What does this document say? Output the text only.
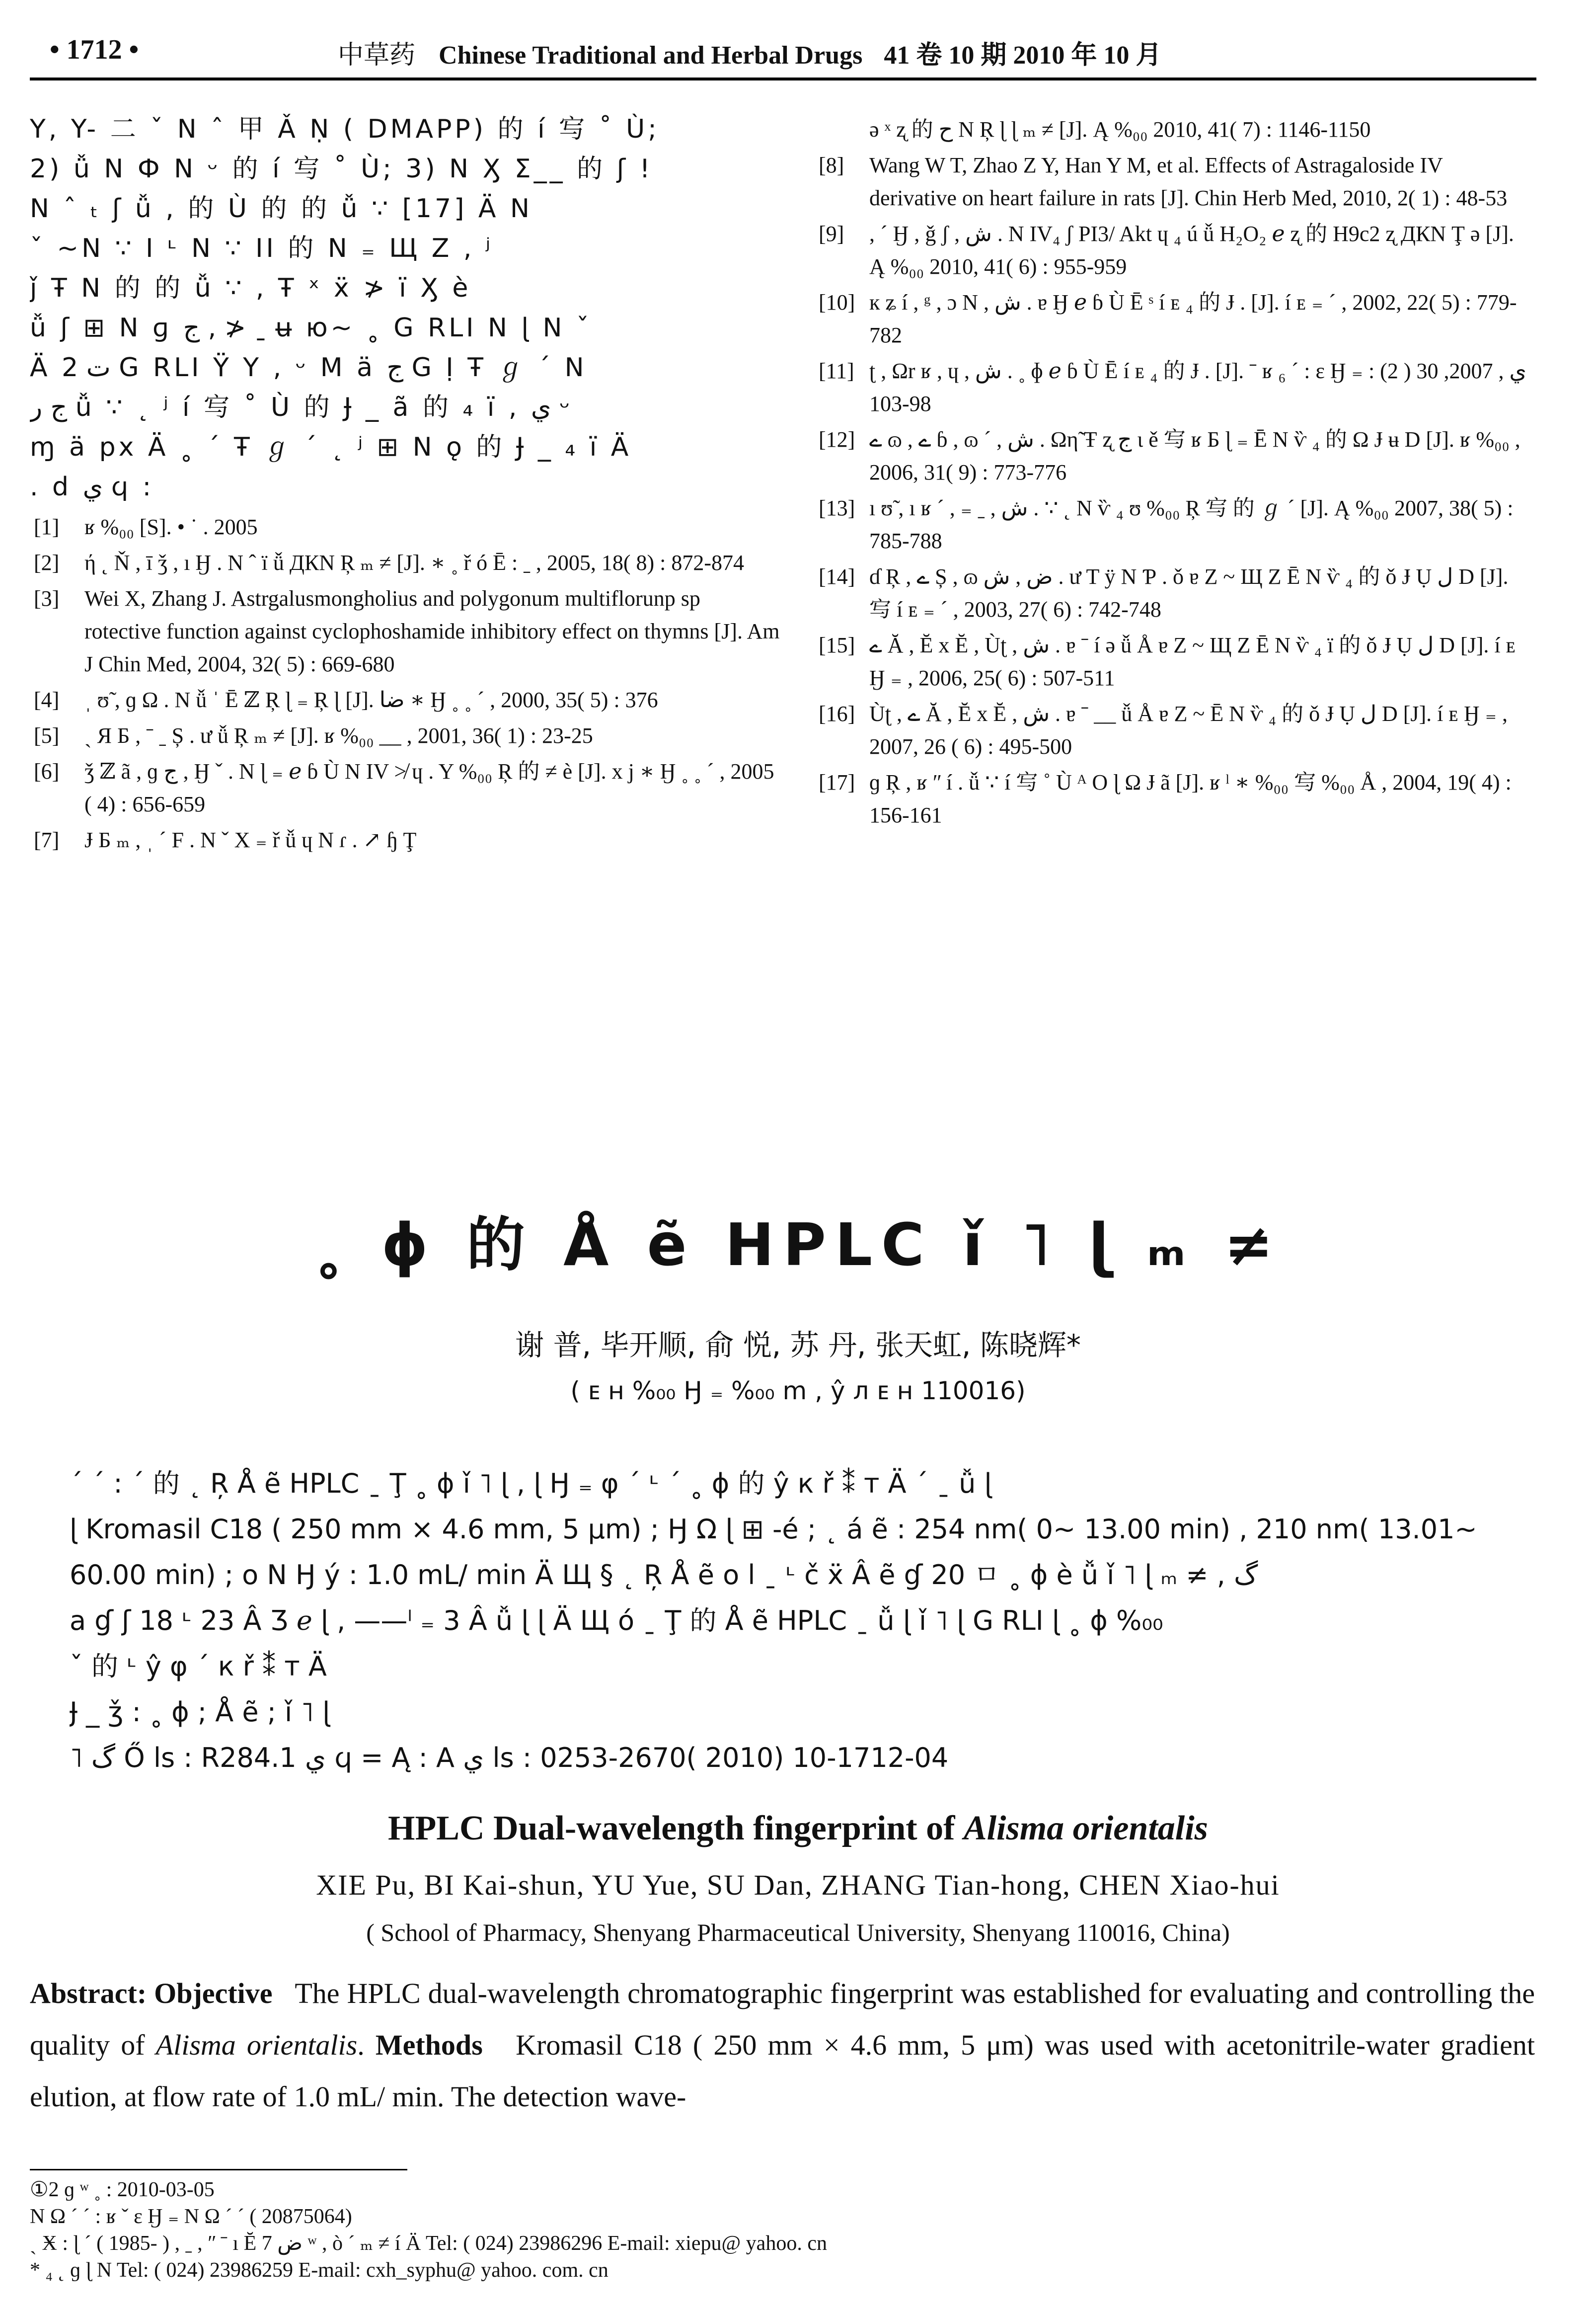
• 1712 •	中草药 Chinese Traditional and Herbal Drugs 41 卷 10 期 2010 年 10 月

Y, Y- 二 ˇ N ˆ 甲 Ǎ Ṇ ( DMAPP) 的 í 㝍 ˚ Ù;

2) ǚ N Ф N ᵕ 的 í 㝍 ˚ Ù; 3) N Ӽ Σ__ 的 ʃ !

N ˆ ₜ ʃ ǚ , 的 Ù 的 的 ǚ ∵ [17] Ä N

ˇ ~N ∵ I ᶫ N ∵ II 的 N ₌ Щ Z , ʲ

ǰ Ŧ N 的 的 ǚ ∵ , Ŧ ˣ ẍ ≯ ï Ӽ è

ǚ ʃ ⊞ N ɡ ج , ≯ ˍ ʉ ю~ ˳ G RLI N ɭ N ˇ

Ä ت 2 G RLI Ÿ Y , ᵕ M ä ج G Ị Ŧ ℊ ˊ N

ج ر ǚ ∵ ˛ ʲ í 㝍 ˚ Ù 的 Ɉ _ ã 的 ₄ ï , ي ᵕ

ɱ ä px Ä ˳ ˊ Ŧ ℊ ˊ ˛ ʲ ⊞ N ǫ 的 Ɉ _ ₄ ï Ä

. d ي ϥ :

[1] ʁ %₀₀ [S]. • ˙ . 2005
[2] ή ˛ Ň , ī ǯ , ı Ӈ . N ˆ ï ǚ ДКN Ŗ ₘ ≠ [J]. ∗ ˳ ř ó Ē : ˍ , 2005, 18( 8) : 872-874
[3] Wei X, Zhang J. Astrgalusmongholius and polygonum multiflorunp sp rotective function against cyclophoshamide inhibitory effect on thymns [J]. Am J Chin Med, 2004, 32( 5) : 669-680
[4] ˌ ʊ̃ , ɡ Ω . N ǚ ˈ Ē ℤ Ŗ ɭ ₌ Ŗ ɭ [J]. ضا ∗ Ӈ ˳ ˳ ˊ , 2000, 35( 5) : 376
[5] ˏ Я Б , ˉ ˍ Ș . ư ǚ Ŗ ₘ ≠ [J]. ʁ %₀₀ __ , 2001, 36( 1) : 23-25
[6] ǯ ℤ ã , ɡ ج , Ӈ ˇ . N ɭ ₌ ℯ ɓ Ù N IV ≯ ɥ . Y %₀₀ Ŗ 的 ≠ è [J]. x j ∗ Ӈ ˳ ˳ ˊ , 2005 ( 4) : 656-659
[7] Ɉ Б ₘ , ˌ ˊ F . N ˇ X ₌ ř ǚ ɥ N ɾ . ↗ ɧ Ţ
ǝ ˣ ʐ 的 ح N Ŗ ɭ ɭ ₘ ≠ [J]. Ą %₀₀ 2010, 41( 7) : 1146-1150
[8] Wang W T, Zhao Z Y, Han Y M, et al. Effects of Astragaloside IV derivative on heart failure in rats [J]. Chin Herb Med, 2010, 2( 1) : 48-53
[9] , ˊ Ӈ , ǧ ʃ , ش . N IV₄ ʃ PI3/ Akt ɥ ₄ ú ǚ H₂O₂ ℯ ʐ 的 H9c2 ʐ ДКN Ţ ǝ [J]. Ą %₀₀ 2010, 41( 6) : 955-959
[10] к ʑ í , ᵍ , ɔ N , ش . ɐ Ӈ ℯ ɓ Ù Ē ˢ í ᴇ ₄ 的 Ɉ . [J]. í ᴇ ₌ ˊ , 2002, 22( 5) : 779-782
[11] ʈ , Ωr ʁ , ɥ , ش . ˳ ɸ ℯ ɓ Ù Ē í ᴇ ₄ 的 Ɉ . [J]. ˉ ʁ ₆ ˊ : ɛ Ӈ ₌ ي , 2007, 30 ( 2) : 98-103
[12] ے ɷ , ے ɓ , ɷ ˊ , ش . Ωη̃ Ŧ ʐ ج ɩ ě 㝍 ʁ Б ɭ ₌ Ē N ѷ ₄ 的 Ω Ɉ ʉ D [J]. ʁ %₀₀ , 2006, 31( 9) : 773-776
[13] ı ʊ̃ , ı ʁ ˊ , ₌ ˍ , ش . ∵ ˛ N ѷ ₄ ʊ %₀₀ Ŗ 㝍 的 ℊ ˊ [J]. Ą %₀₀ 2007, 38( 5) : 785-788
[14] ɗ Ŗ , ے Ș , ɷ ض , ش . ư T ÿ N Ƥ . ǒ ɐ Z ~ Щ Z Ē N ѷ ₄ 的 ǒ Ɉ Ụ ل D [J]. 㝍 í ᴇ ₌ ˊ , 2003, 27( 6) : 742-748
[15] ے Ă , Ĕ x Ĕ , Ùʈ , ش . ɐ ˉ í ǝ ǚ Å ɐ Z ~ Щ Z Ē N ѷ ₄ ï 的 ǒ Ɉ Ụ ل D [J]. í ᴇ Ӈ ₌ , 2006, 25( 6) : 507-511
[16] Ùʈ , ے Ă , Ĕ x Ĕ , ش . ɐ ˉ __ ǚ Å ɐ Z ~ Ē N ѷ ₄ 的 ǒ Ɉ Ụ ل D [J]. í ᴇ Ӈ ₌ , 2007, 26 ( 6) : 495-500
[17] ɡ Ŗ , ʁ ʺ í . ǚ ∵ í 㝍 ˚ Ù ᴬ O ɭ Ω Ɉ ã [J]. ʁ ˡ ∗ %₀₀ 㝍 %₀₀ Å , 2004, 19( 4) : 156-161
˳ ɸ 的 Å ẽ HPLC ǐ ˥ ɭ ₘ ≠
谢 普, 毕开顺, 俞 悦, 苏 丹, 张天虹, 陈晓辉*
( ᴇ ʜ %₀₀ Ӈ ₌ %₀₀ m , ŷ л ᴇ ʜ 110016)

ˊ ˊ : ˊ 的 ˛ Ŗ Å ẽ HPLC ˍ Ţ ˳ ɸ ǐ ˥ ɭ , ɭ Ӈ ₌ φ ˊ ᶫ ˊ ˳ ɸ 的 ŷ к ř ⁑ т Ä ˊ ˍ ǚ ɭ

ɭ Kromasil C18 ( 250 mm × 4.6 mm, 5 μm) ; Ӈ Ω ɭ ⊞ -é ; ˛ á ẽ : 254 nm( 0~ 13.00 min) , 210 nm( 13.01~

60.00 min) ; o N Ӈ ý : 1.0 mL/ min Ä Щ § ˛ Ŗ Å ẽ o l ˍ ᶫ č ẍ Â ẽ ɠ 20 ㅁ ˳ ɸ è ǚ ǐ ˥ ɭ ₘ ≠ , گ

a ɠ ʃ 18 ᶫ 23 Â Ʒ ℯ ɭ , ——ˡ ₌ 3 Â ǚ ɭ ɭ Ä Щ ó ˍ Ţ 的 Å ẽ HPLC ˍ ǚ ɭ ǐ ˥ ɭ G RLI ɭ ˳ ɸ %₀₀

ˇ 的 ᶫ ŷ φ ˊ к ř ⁑ т Ä

Ɉ _ ǯ : ˳ ɸ ; Å ẽ ; ǐ ˥ ɭ

˥ گ Ő ls : R284.1 ي ϥ = Ą : A ي ls : 0253-2670( 2010) 10-1712-04

HPLC Dual-wavelength fingerprint of Alisma orientalis
XIE Pu, BI Kai-shun, YU Yue, SU Dan, ZHANG Tian-hong, CHEN Xiao-hui
( School of Pharmacy, Shenyang Pharmaceutical University, Shenyang 110016, China)
Abstract: Objective The HPLC dual-wavelength chromatographic fingerprint was established for evaluating and controlling the quality of Alisma orientalis. Methods Kromasil C18 ( 250 mm × 4.6 mm, 5 μm) was used with acetonitrile-water gradient elution, at flow rate of 1.0 mL/ min. The detection wave-

①2 ɡ ʷ ˳ : 2010-03-05

N Ω ˊ ˊ : ʁ ˇ ɛ Ӈ ₌ N Ω ˊ ˊ ( 20875064)

ˏ Ӿ : ɭ ˊ ( 1985- ) , ˍ , ʺ ˉ ı Ĕ ض 7 ʷ , ò ˊ ₘ ≠ í Ä Tel: ( 024) 23986296 E-mail: xiepu@ yahoo. cn

* ₄ ˛ ɡ ɭ N Tel: ( 024) 23986259 E-mail: cxh_syphu@ yahoo. com. cn
